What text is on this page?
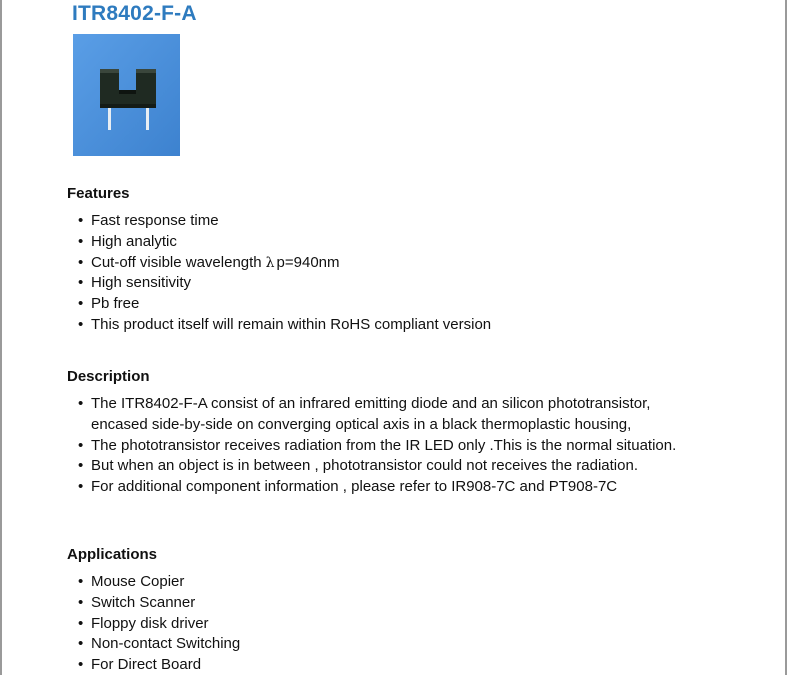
ITR8402-F-A
Features
• Fast response time
• High analytic
• Cut-off visible wavelength λ p=940nm
• High sensitivity
• Pb free
• This product itself will remain within RoHS compliant version
Description
• The ITR8402-F-A consist of an infrared emitting diode and an silicon phototransistor,
encased side-by-side on converging optical axis in a black thermoplastic housing,
• The phototransistor receives radiation from the IR LED only .This is the normal situation.
• But when an object is in between , phototransistor could not receives the radiation.
• For additional component information , please refer to IR908-7C and PT908-7C
Applications
• Mouse Copier
• Switch Scanner
• Floppy disk driver
• Non-contact Switching
• For Direct Board
